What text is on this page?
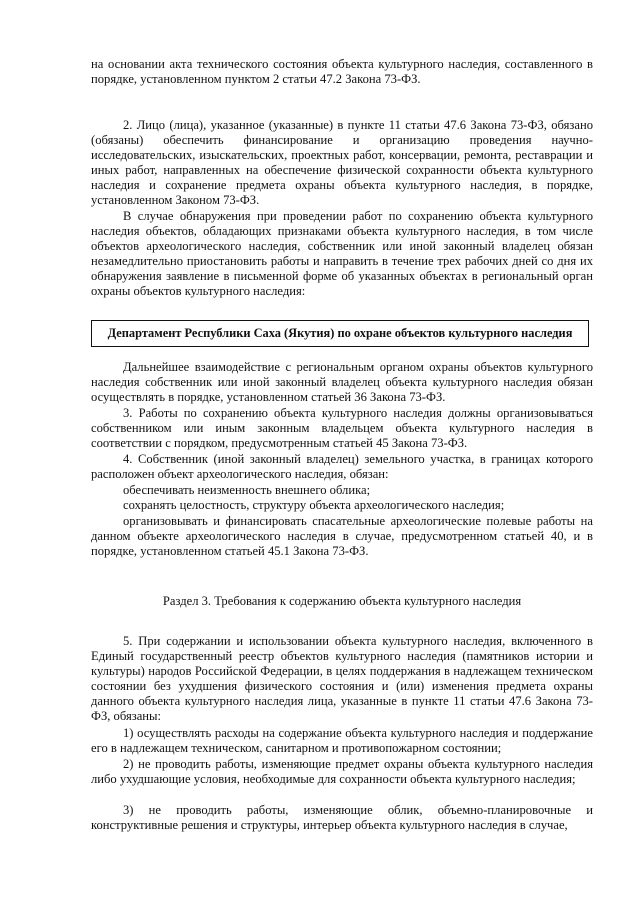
на основании акта технического состояния объекта культурного наследия, составленного в порядке, установленном пунктом 2 статьи 47.2 Закона 73-ФЗ.

2. Лицо (лица), указанное (указанные) в пункте 11 статьи 47.6 Закона 73-ФЗ, обязано (обязаны) обеспечить финансирование и организацию проведения научно-исследовательских, изыскательских, проектных работ, консервации, ремонта, реставрации и иных работ, направленных на обеспечение физической сохранности объекта культурного наследия и сохранение предмета охраны объекта культурного наследия, в порядке, установленном Законом 73-ФЗ.

В случае обнаружения при проведении работ по сохранению объекта культурного наследия объектов, обладающих признаками объекта культурного наследия, в том числе объектов археологического наследия, собственник или иной законный владелец обязан незамедлительно приостановить работы и направить в течение трех рабочих дней со дня их обнаружения заявление в письменной форме об указанных объектах в региональный орган охраны объектов культурного наследия:

Департамент Республики Саха (Якутия) по охране объектов культурного наследия

Дальнейшее взаимодействие с региональным органом охраны объектов культурного наследия собственник или иной законный владелец объекта культурного наследия обязан осуществлять в порядке, установленном статьей 36 Закона 73-ФЗ.

3. Работы по сохранению объекта культурного наследия должны организовываться собственником или иным законным владельцем объекта культурного наследия в соответствии с порядком, предусмотренным статьей 45 Закона 73-ФЗ.

4. Собственник (иной законный владелец) земельного участка, в границах которого расположен объект археологического наследия, обязан:

обеспечивать неизменность внешнего облика;

сохранять целостность, структуру объекта археологического наследия;

организовывать и финансировать спасательные археологические полевые работы на данном объекте археологического наследия в случае, предусмотренном статьей 40, и в порядке, установленном статьей 45.1 Закона 73-ФЗ.

Раздел 3. Требования к содержанию объекта культурного наследия

5. При содержании и использовании объекта культурного наследия, включенного в Единый государственный реестр объектов культурного наследия (памятников истории и культуры) народов Российской Федерации, в целях поддержания в надлежащем техническом состоянии без ухудшения физического состояния и (или) изменения предмета охраны данного объекта культурного наследия лица, указанные в пункте 11 статьи 47.6 Закона 73-ФЗ, обязаны:

1) осуществлять расходы на содержание объекта культурного наследия и поддержание его в надлежащем техническом, санитарном и противопожарном состоянии;

2) не проводить работы, изменяющие предмет охраны объекта культурного наследия либо ухудшающие условия, необходимые для сохранности объекта культурного наследия;

3) не проводить работы, изменяющие облик, объемно-планировочные и конструктивные решения и структуры, интерьер объекта культурного наследия в случае,
